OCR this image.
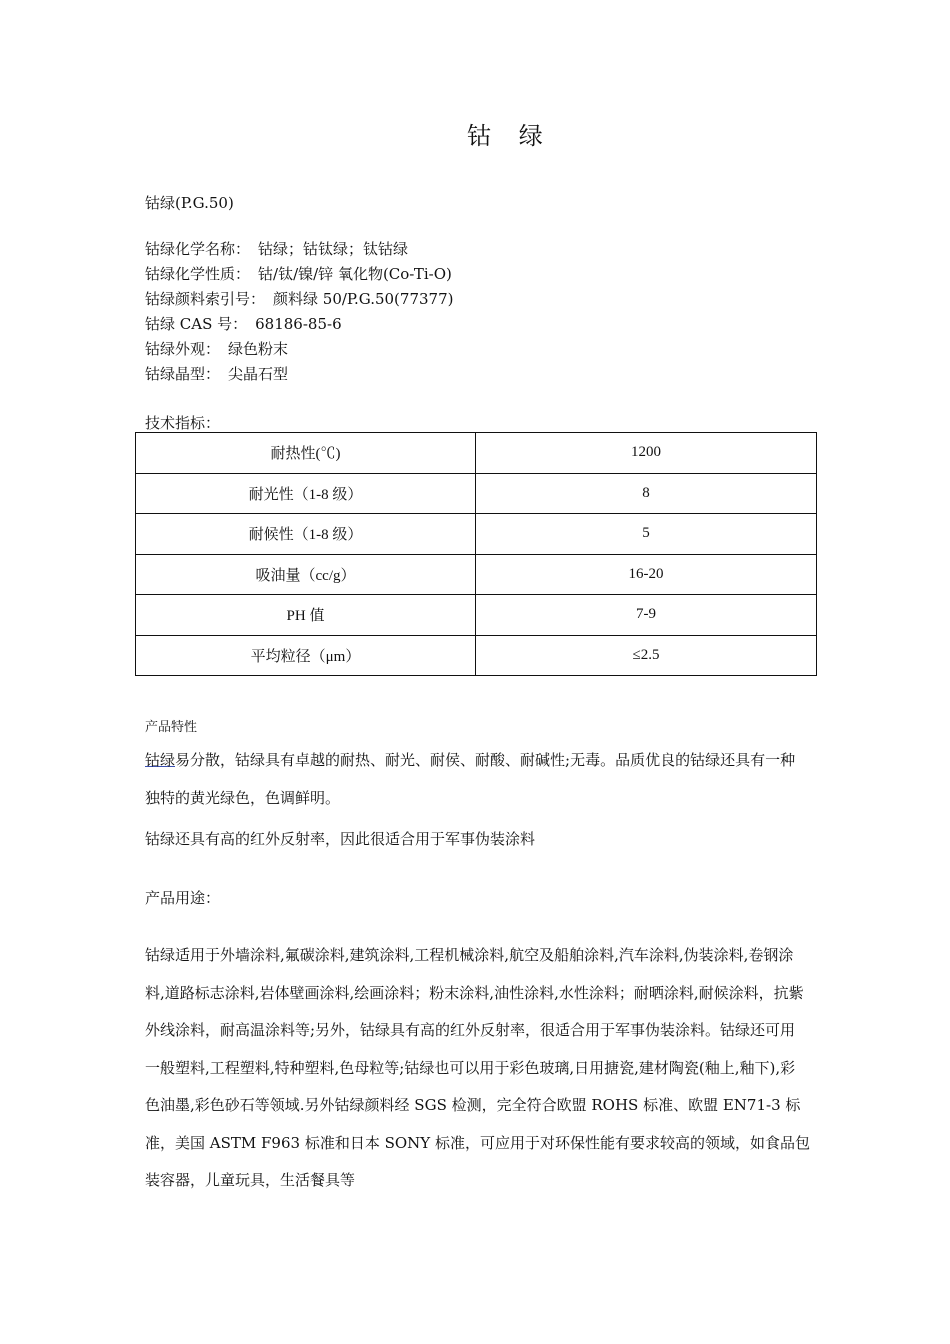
钴 绿
钴绿(P.G.50)
钴绿化学名称： 钴绿；钴钛绿；钛钴绿
钴绿化学性质： 钴/钛/镍/锌 氧化物(Co-Ti-O)
钴绿颜料索引号： 颜料绿 50/P.G.50(77377)
钴绿 CAS 号： 68186-85-6
钴绿外观： 绿色粉末
钴绿晶型： 尖晶石型
技术指标：
耐热性(℃)	1200
耐光性（1-8 级）	8
耐候性（1-8 级）	5
吸油量（cc/g）	16-20
PH 值	7-9
平均粒径（μm）	≤2.5
产品特性
钴绿易分散，钴绿具有卓越的耐热、耐光、耐侯、耐酸、耐碱性;无毒。品质优良的钴绿还具有一种独特的黄光绿色，色调鲜明。
钴绿还具有高的红外反射率，因此很适合用于军事伪装涂料
产品用途：
钴绿适用于外墙涂料,氟碳涂料,建筑涂料,工程机械涂料,航空及船舶涂料,汽车涂料,伪装涂料,卷钢涂料,道路标志涂料,岩体壁画涂料,绘画涂料；粉末涂料,油性涂料,水性涂料；耐晒涂料,耐候涂料，抗紫外线涂料，耐高温涂料等;另外，钴绿具有高的红外反射率，很适合用于军事伪装涂料。钴绿还可用一般塑料,工程塑料,特种塑料,色母粒等;钴绿也可以用于彩色玻璃,日用搪瓷,建材陶瓷(釉上,釉下),彩色油墨,彩色砂石等领域.另外钴绿颜料经 SGS 检测，完全符合欧盟 ROHS 标准、欧盟 EN71-3 标准，美国 ASTM F963 标准和日本 SONY 标准，可应用于对环保性能有要求较高的领域，如食品包装容器，儿童玩具，生活餐具等
